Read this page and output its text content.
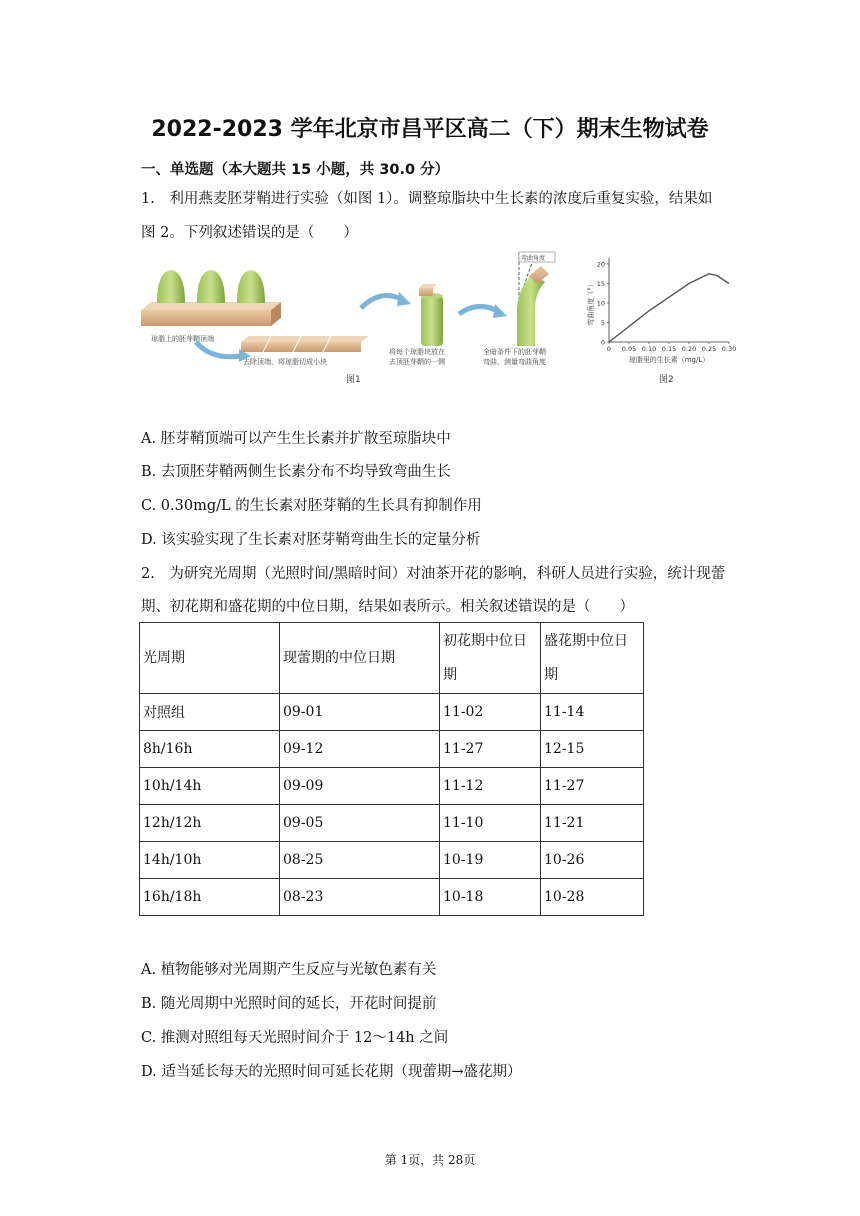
2022-2023 学年北京市昌平区高二（下）期末生物试卷
一、单选题（本大题共 15 小题，共 30.0 分）
1.　利用燕麦胚芽鞘进行实验（如图 1）。调整琼脂块中生长素的浓度后重复实验，结果如
图 2。下列叙述错误的是（　　）
琼脂上的胚芽鞘顶端
去除顶端，将琼脂切成小块
将每个琼脂块放在
去顶胚芽鞘的一侧
弯曲角度
全暗条件下的胚芽鞘
弯曲，测量弯曲角度
图1
0 0.05 0.10 0.15 0.20 0.25 0.30
0
5
10
15
20
琼脂里的生长素（mg/L）
弯曲角度（°）
图2
A. 胚芽鞘顶端可以产生生长素并扩散至琼脂块中
B. 去顶胚芽鞘两侧生长素分布不均导致弯曲生长
C. 0.30mg/L 的生长素对胚芽鞘的生长具有抑制作用
D. 该实验实现了生长素对胚芽鞘弯曲生长的定量分析
2.　为研究光周期（光照时间/黑暗时间）对油茶开花的影响，科研人员进行实验，统计现蕾
期、初花期和盛花期的中位日期，结果如表所示。相关叙述错误的是（　　）
光周期	现蕾期的中位日期	初花期中位日期	盛花期中位日期
对照组	09-01	11-02	11-14
8h/16h	09-12	11-27	12-15
10h/14h	09-09	11-12	11-27
12h/12h	09-05	11-10	11-21
14h/10h	08-25	10-19	10-26
16h/18h	08-23	10-18	10-28
A. 植物能够对光周期产生反应与光敏色素有关
B. 随光周期中光照时间的延长，开花时间提前
C. 推测对照组每天光照时间介于 12～14h 之间
D. 适当延长每天的光照时间可延长花期（现蕾期→盛花期）
第 1页，共 28页
